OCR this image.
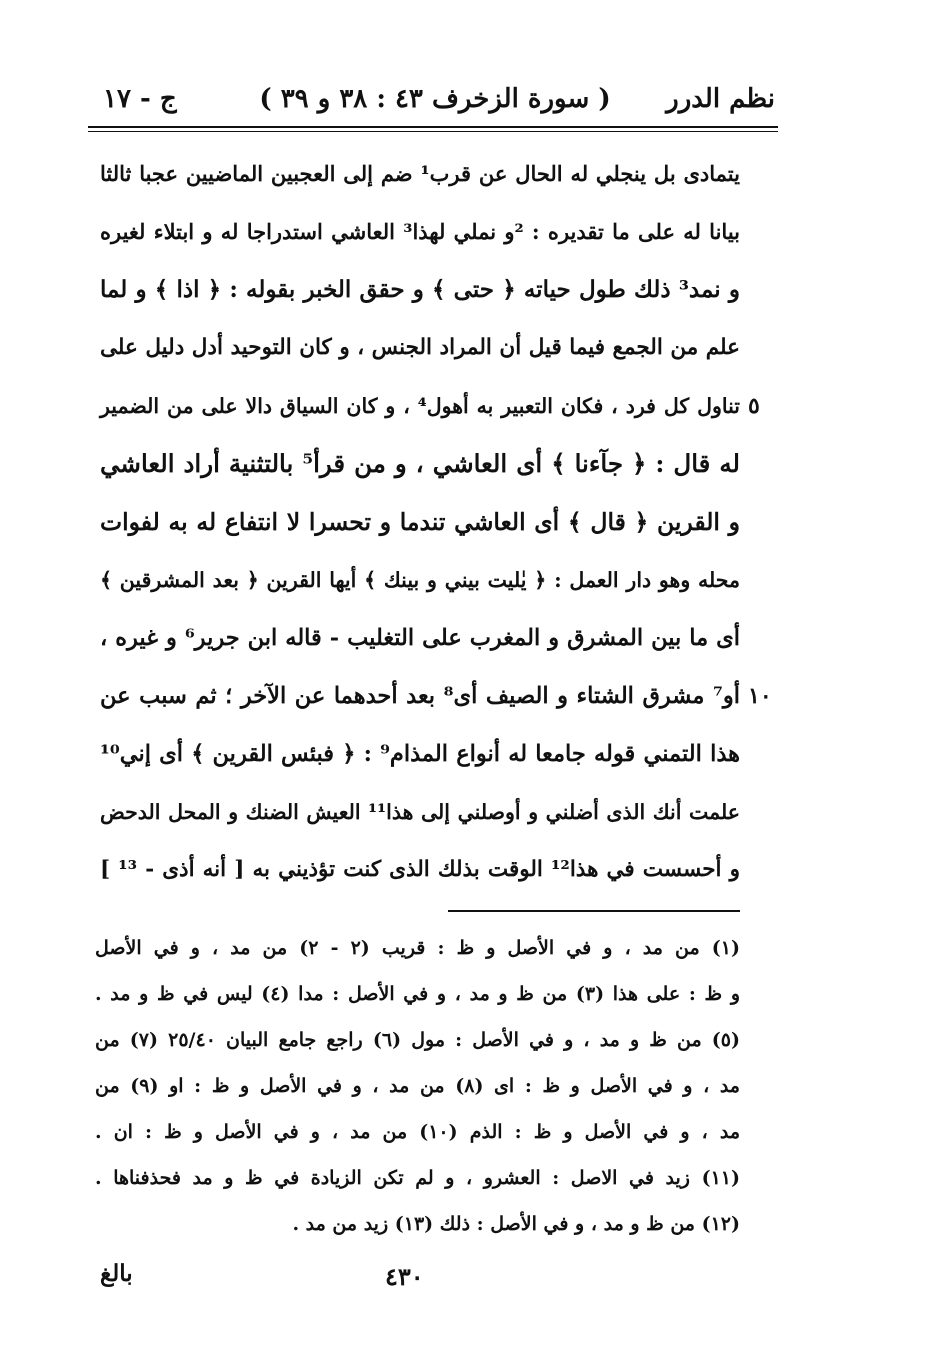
نظم الدرر
( سورة الزخرف ٤٣ : ٣٨ و ٣٩ )
ج - ١٧
يتمادى بل ينجلي له الحال عن قرب¹ ضم إلى العجبين الماضيين عجبا ثالثا
بيانا له على ما تقديره : ²و نملي لهذا³ العاشي استدراجا له و ابتلاء لغيره
و نمد³ ذلك طول حياته ﴿ حتى ﴾ و حقق الخبر بقوله : ﴿ اذا ﴾ و لما
علم من الجمع فيما قيل أن المراد الجنس ، و كان التوحيد أدل دليل على
تناول كل فرد ، فكان التعبير به أهول⁴ ، و كان السياق دالا على من الضمير
له قال : ﴿ جآءنا ﴾ أى العاشي ، و من قرأ⁵ بالتثنية أراد العاشي
و القرين ﴿ قال ﴾ أى العاشي تندما و تحسرا لا انتفاع له به لفوات
محله وهو دار العمل : ﴿ يٰليت بيني و بينك ﴾ أيها القرين ﴿ بعد المشرقين ﴾
أى ما بين المشرق و المغرب على التغليب - قاله ابن جرير⁶ و غيره ،
أو⁷ مشرق الشتاء و الصيف أى⁸ بعد أحدهما عن الآخر ؛ ثم سبب عن
هذا التمني قوله جامعا له أنواع المذام⁹ : ﴿ فبئس القرين ﴾ أى إني¹⁰
علمت أنك الذى أضلني و أوصلني إلى هذا¹¹ العيش الضنك و المحل الدحض
و أحسست في هذا¹² الوقت بذلك الذى كنت تؤذيني به [ أنه أذى - ¹³ ]
٥
١٠
(١) من مد ، و في الأصل و ظ : قريب (٢ - ٢) من مد ، و في الأصل
و ظ : على هذا (٣) من ظ و مد ، و في الأصل : مدا (٤) ليس في ظ و مد .
(٥) من ظ و مد ، و في الأصل : مول (٦) راجع جامع البيان ٢٥/٤٠ (٧) من
مد ، و في الأصل و ظ : اى (٨) من مد ، و في الأصل و ظ : او (٩) من
مد ، و في الأصل و ظ : الذم (١٠) من مد ، و في الأصل و ظ : ان .
(١١) زيد في الاصل : العشرو ، و لم تكن الزيادة في ظ و مد فحذفناها .
(١٢) من ظ و مد ، و في الأصل : ذلك (١٣) زيد من مد .
٤٣٠
بالغ
